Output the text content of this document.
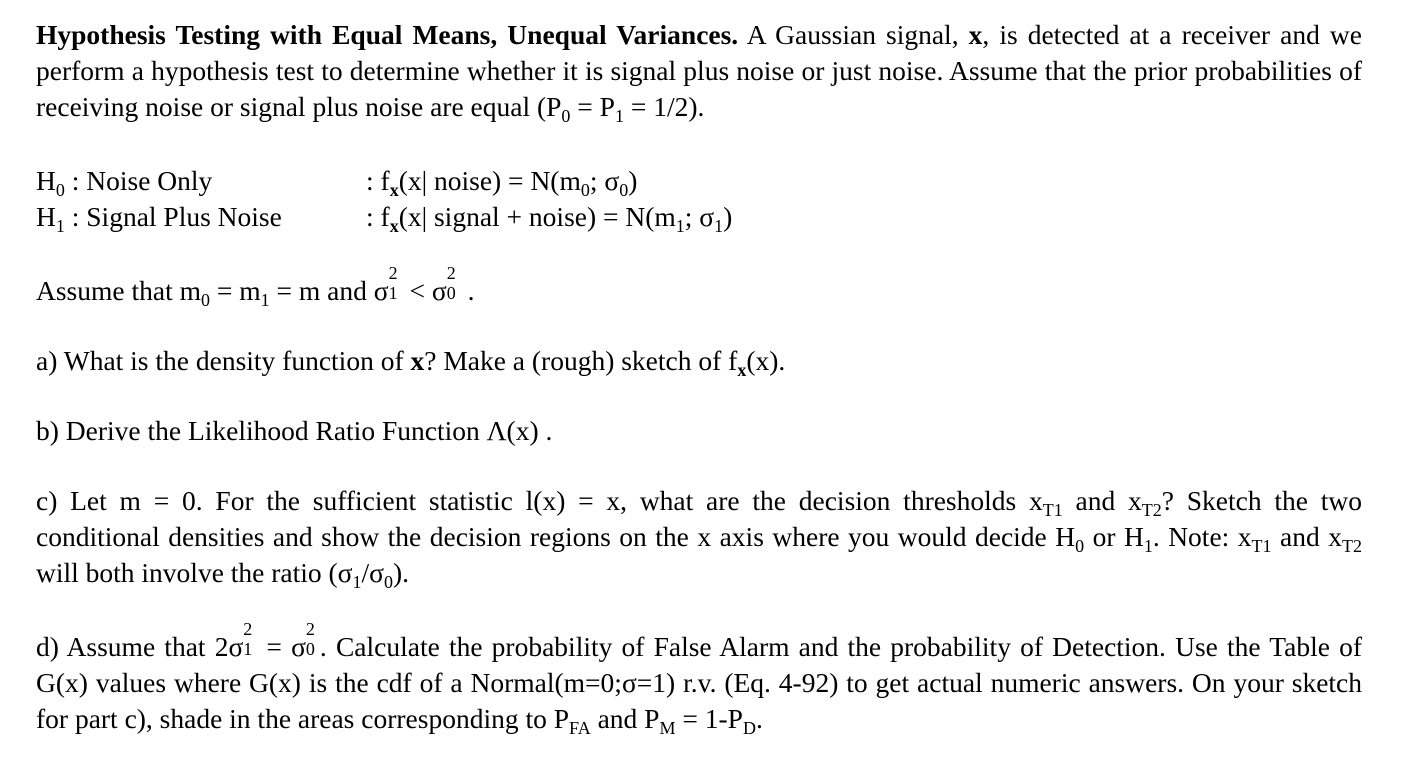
Hypothesis Testing with Equal Means, Unequal Variances. A Gaussian signal, x, is detected at a receiver and we perform a hypothesis test to determine whether it is signal plus noise or just noise. Assume that the prior probabilities of receiving noise or signal plus noise are equal $(P_0 = P_1 = 1/2)$.

$H_0$ : Noise Only	: $f_x(x|$ noise) = $N(m_0$; $\sigma_0$)
$H_1$ : Signal Plus Noise	: $f_x(x|$ signal + noise) = $N(m_1$; $\sigma_1$)

Assume that $m_0 = m_1 = m$ and σ
2
1 < σ
2
0 .

a) What is the density function of x? Make a (rough) sketch of $f_x(x)$.

b) Derive the Likelihood Ratio Function Λ(x) .

c) Let m = 0. For the sufficient statistic l(x) = x, what are the decision thresholds $x_{T1}$ and $x_{T2}$? Sketch the two conditional densities and show the decision regions on the x axis where you would decide $H_0$ or $H_1$. Note: $x_{T1}$ and $x_{T2}$ will both involve the ratio $(\sigma_1/\sigma_0)$.

d) Assume that 2σ
2
1 = σ
2
0 . Calculate the probability of False Alarm and the probability of Detection. Use the Table of G(x) values where G(x) is the cdf of a Normal(m=0;σ=1) r.v. (Eq. 4-92) to get actual numeric answers. On your sketch for part c), shade in the areas corresponding to $P_{FA}$ and $P_M = 1-P_D$.
